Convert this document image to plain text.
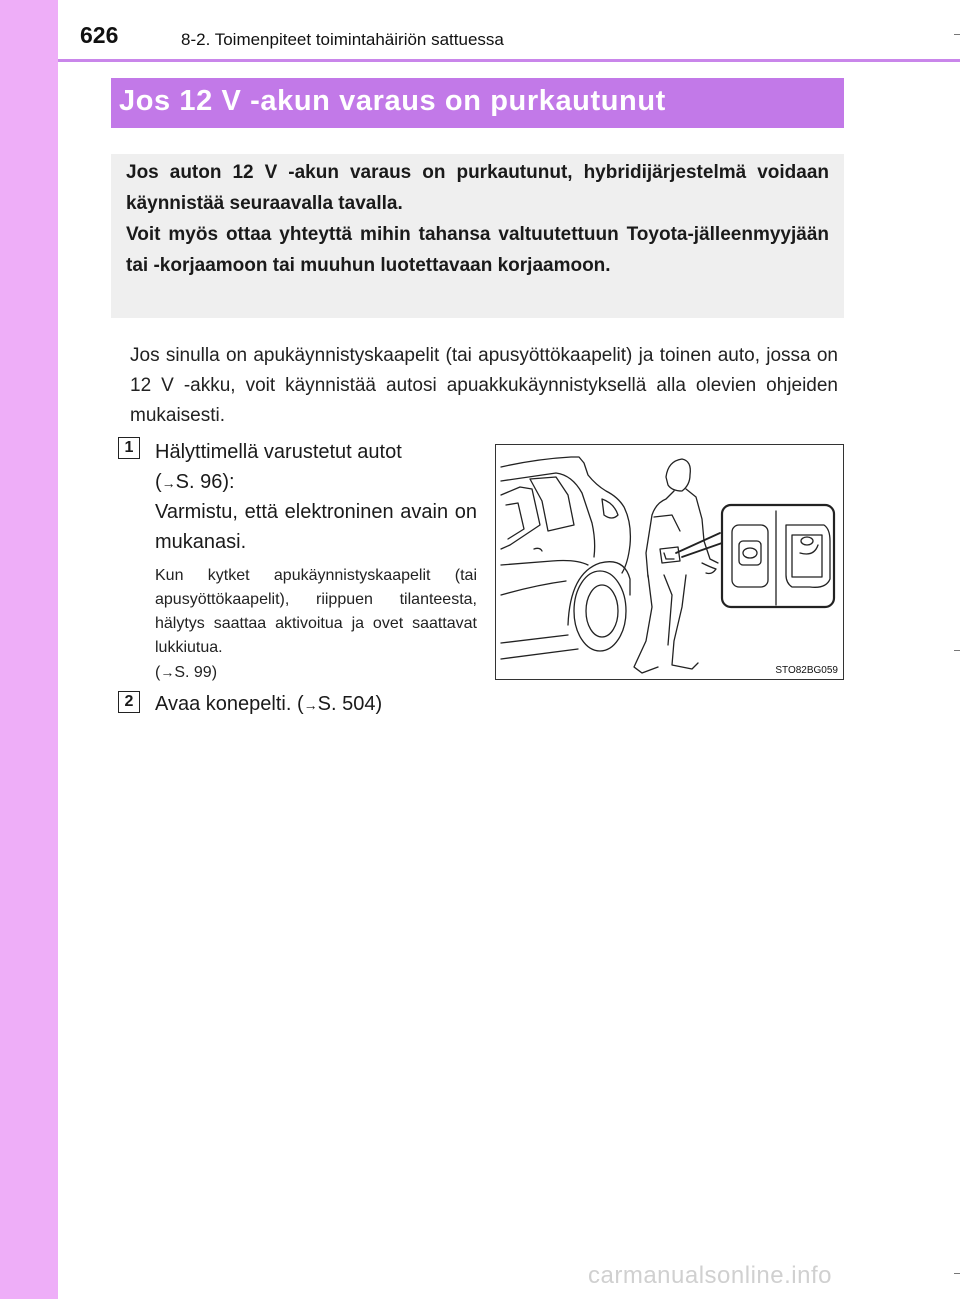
626	8-2. Toimenpiteet toimintahäiriön sattuessa
Jos 12 V -akun varaus on purkautunut

Jos auton 12 V -akun varaus on purkautunut, hybridijärjestelmä voidaan käynnistää seuraavalla tavalla.

Voit myös ottaa yhteyttä mihin tahansa valtuutettuun Toyota-jälleenmyyjään tai -korjaamoon tai muuhun luotettavaan korjaamoon.

Jos sinulla on apukäynnistyskaapelit (tai apusyöttökaapelit) ja toinen auto, jossa on 12 V -akku, voit käynnistää autosi apuakkukäynnistyksellä alla olevien ohjeiden mukaisesti.
1	Hälyttimellä varustetut autot
(→S. 96):
Varmistu, että elektroninen avain on mukanasi.
Kun kytket apukäynnistyskaapelit (tai apusyöttökaapelit), riippuen tilanteesta, hälytys saattaa aktivoitua ja ovet saattavat lukkiutua.
(→S. 99)	STO82BG059
2	Avaa konepelti. (→S. 504)
carmanualsonline.info
